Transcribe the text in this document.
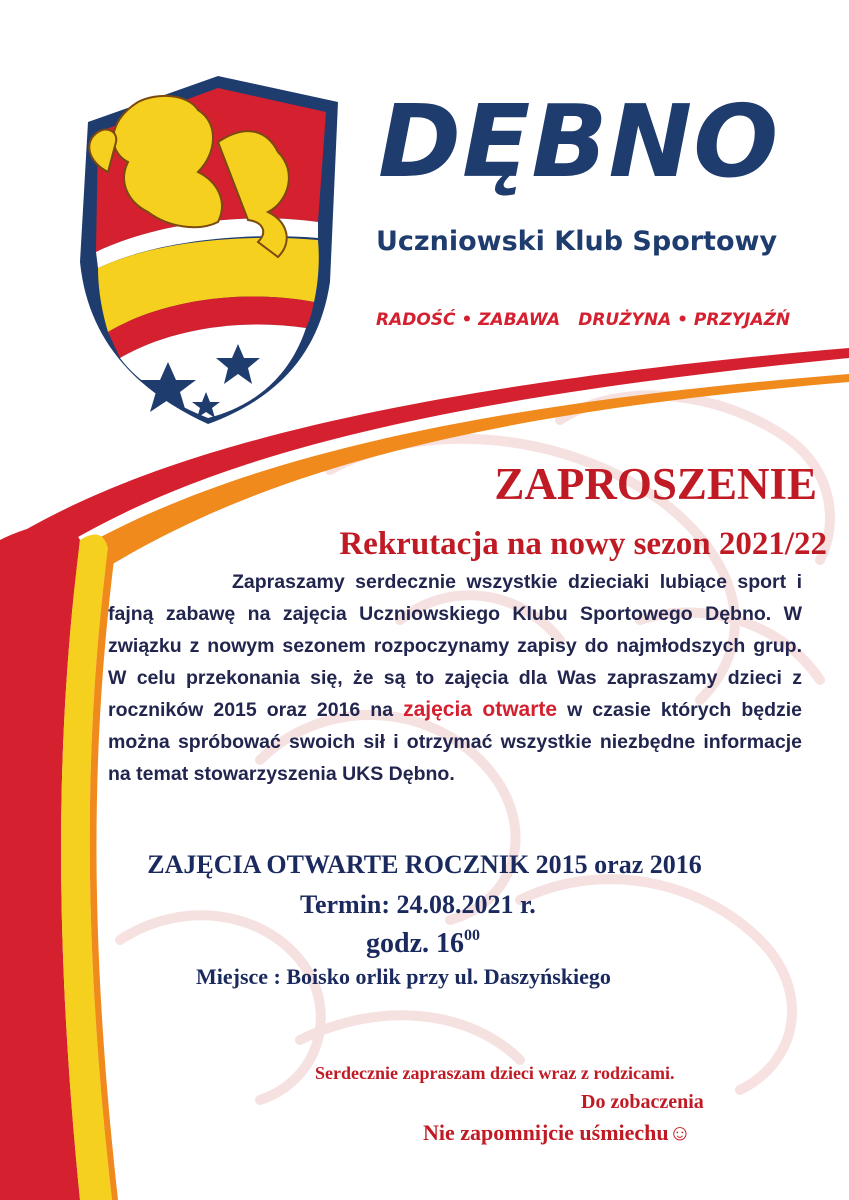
DĘBNO
Uczniowski Klub Sportowy
RADOŚĆ • ZABAWA DRUŻYNA • PRZYJAŹŃ
ZAPROSZENIE
Rekrutacja na nowy sezon 2021/22
Zapraszamy serdecznie wszystkie dzieciaki lubiące sport i fajną zabawę na zajęcia Uczniowskiego Klubu Sportowego Dębno. W związku z nowym sezonem rozpoczynamy zapisy do najmłodszych grup. W celu przekonania się, że są to zajęcia dla Was zapraszamy dzieci z roczników 2015 oraz 2016 na zajęcia otwarte w czasie których będzie można spróbować swoich sił i otrzymać wszystkie niezbędne informacje na temat stowarzyszenia UKS Dębno.
ZAJĘCIA OTWARTE ROCZNIK 2015 oraz 2016
Termin: 24.08.2021 r.
godz. $16^{00}$
Miejsce : Boisko orlik przy ul. Daszyńskiego
Serdecznie zapraszam dzieci wraz z rodzicami.
Do zobaczenia
Nie zapomnijcie uśmiechu☺
